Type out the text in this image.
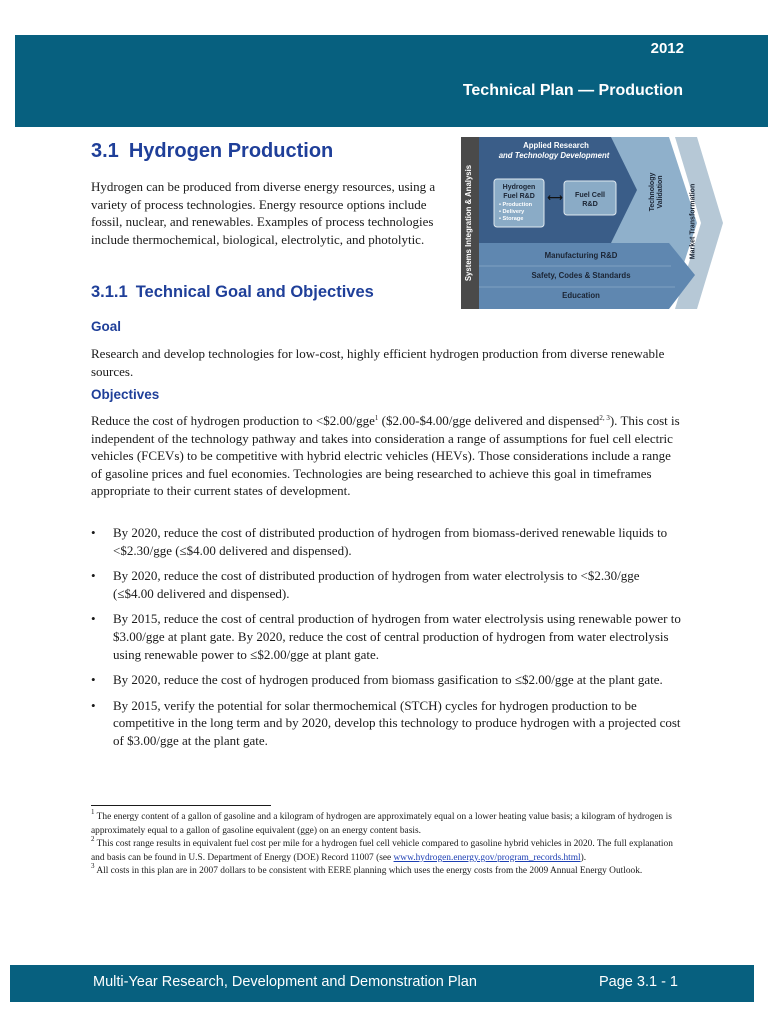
2012
Technical Plan — Production
3.1 Hydrogen Production

Hydrogen can be produced from diverse energy resources, using a variety of process technologies. Energy resource options include fossil, nuclear, and renewables. Examples of process technologies include thermochemical, biological, electrolytic, and photolytic.

3.1.1 Technical Goal and Objectives
Systems Integration & Analysis
Applied Research
and Technology Development
Hydrogen Fuel R&D
• Production
• Delivery
• Storage
⟷	Fuel Cell R&D	Technology Validation	Market Transformation
Manufacturing R&D
Safety, Codes & Standards
Education
Goal

Research and develop technologies for low-cost, highly efficient hydrogen production from diverse renewable sources.

Objectives

Reduce the cost of hydrogen production to <$2.00/gge$^1$ ($2.00-$4.00/gge delivered and dispensed$^{2, 3}$). This cost is independent of the technology pathway and takes into consideration a range of assumptions for fuel cell electric vehicles (FCEVs) to be competitive with hybrid electric vehicles (HEVs). Those considerations include a range of gasoline prices and fuel economies. Technologies are being researched to achieve this goal in timeframes appropriate to their current states of development.

• By 2020, reduce the cost of distributed production of hydrogen from biomass-derived renewable liquids to <$2.30/gge (≤$4.00 delivered and dispensed).
• By 2020, reduce the cost of distributed production of hydrogen from water electrolysis to <$2.30/gge (≤$4.00 delivered and dispensed).
• By 2015, reduce the cost of central production of hydrogen from water electrolysis using renewable power to $3.00/gge at plant gate. By 2020, reduce the cost of central production of hydrogen from water electrolysis using renewable power to ≤$2.00/gge at plant gate.
• By 2020, reduce the cost of hydrogen produced from biomass gasification to ≤$2.00/gge at the plant gate.
• By 2015, verify the potential for solar thermochemical (STCH) cycles for hydrogen production to be competitive in the long term and by 2020, develop this technology to produce hydrogen with a projected cost of $3.00/gge at the plant gate.

$^1$ The energy content of a gallon of gasoline and a kilogram of hydrogen are approximately equal on a lower heating value basis; a kilogram of hydrogen is approximately equal to a gallon of gasoline equivalent (gge) on an energy content basis.

$^2$ This cost range results in equivalent fuel cost per mile for a hydrogen fuel cell vehicle compared to gasoline hybrid vehicles in 2020. The full explanation and basis can be found in U.S. Department of Energy (DOE) Record 11007 (see www.hydrogen.energy.gov/program_records.html).

$^3$ All costs in this plan are in 2007 dollars to be consistent with EERE planning which uses the energy costs from the 2009 Annual Energy Outlook.

Multi-Year Research, Development and Demonstration Plan	Page 3.1 - 1
